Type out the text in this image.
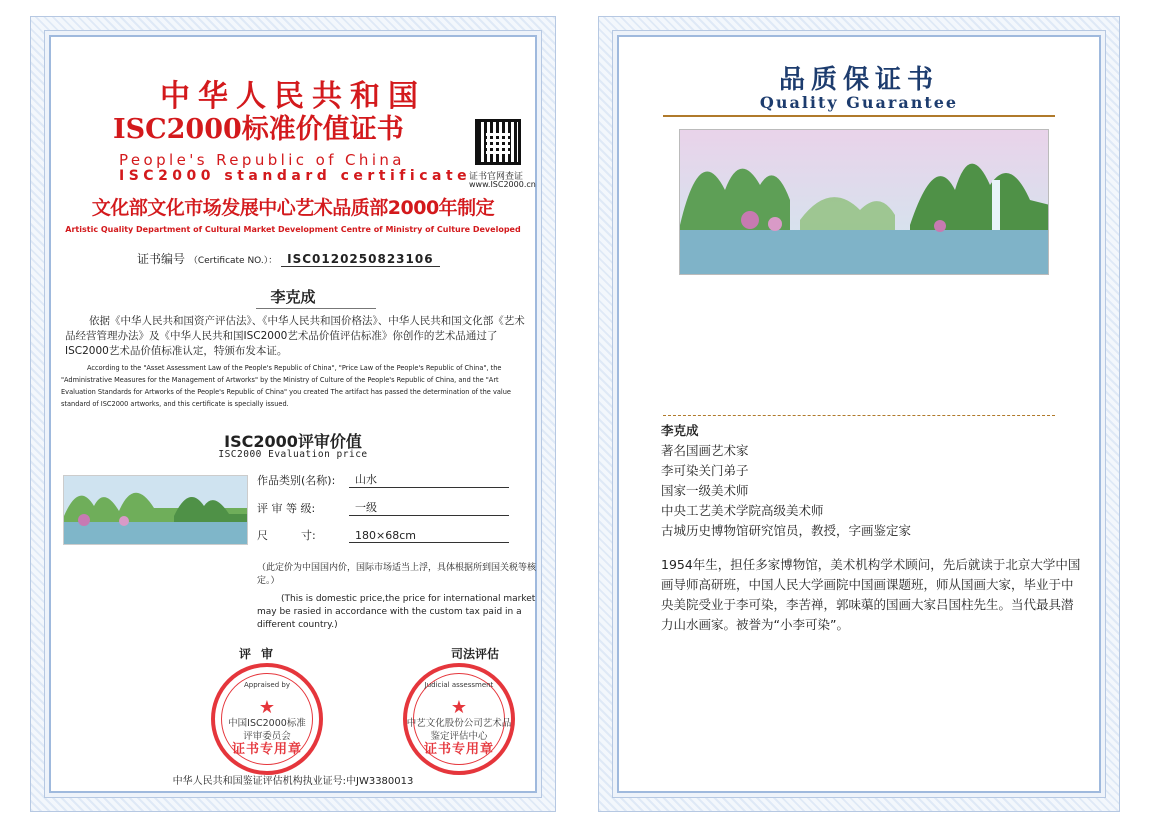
中华人民共和国
ISC2000标准价值证书
People's Republic of China
ISC2000 standard certificate
证书官网查证
www.ISC2000.cn
文化部文化市场发展中心艺术品质部2000年制定
Artistic Quality Department of Cultural Market Development Centre of Ministry of Culture Developed
证书编号 （Certificate NO.）： ISC0120250823106
李克成
依据《中华人民共和国资产评估法》、《中华人民共和国价格法》、中华人民共和国文化部《艺术品经营管理办法》及《中华人民共和国ISC2000艺术品价值评估标准》你创作的艺术品通过了ISC2000艺术品价值标准认定，特颁布发本证。
According to the "Asset Assessment Law of the People's Republic of China", "Price Law of the People's Republic of China", the "Administrative Measures for the Management of Artworks" by the Ministry of Culture of the People's Republic of China, and the "Art Evaluation Standards for Artworks of the People's Republic of China" you created The artifact has passed the determination of the value standard of ISC2000 artworks, and this certificate is specially issued.
ISC2000评审价值
ISC2000 Evaluation price
作品类别(名称):	山水
评 审 等 级:	一级
尺　　　寸:	180×68cm
（此定价为中国国内价，国际市场适当上浮，具体根据所到国关税等核定。）
(This is domestic price,the price for international market may be rasied in accordance with the custom tax paid in a different country.)
评审	司法评估
Appraised by
★
中国ISC2000标准
评审委员会
证书专用章
Judicial assessment
★
中艺文化股份公司艺术品
鉴定评估中心
证书专用章
中华人民共和国鉴证评估机构执业证号:中JW3380013
品质保证书
Quality Guarantee
李克成
著名国画艺术家
李可染关门弟子
国家一级美术师
中央工艺美术学院高级美术师
古城历史博物馆研究馆员，教授，字画鉴定家
1954年生，担任多家博物馆，美术机构学术顾问，先后就读于北京大学中国画导师高研班，中国人民大学画院中国画课题班，师从国画大家，毕业于中央美院受业于李可染，李苦禅，郭味蕖的国画大家吕国柱先生。当代最具潜力山水画家。被誉为“小李可染”。
